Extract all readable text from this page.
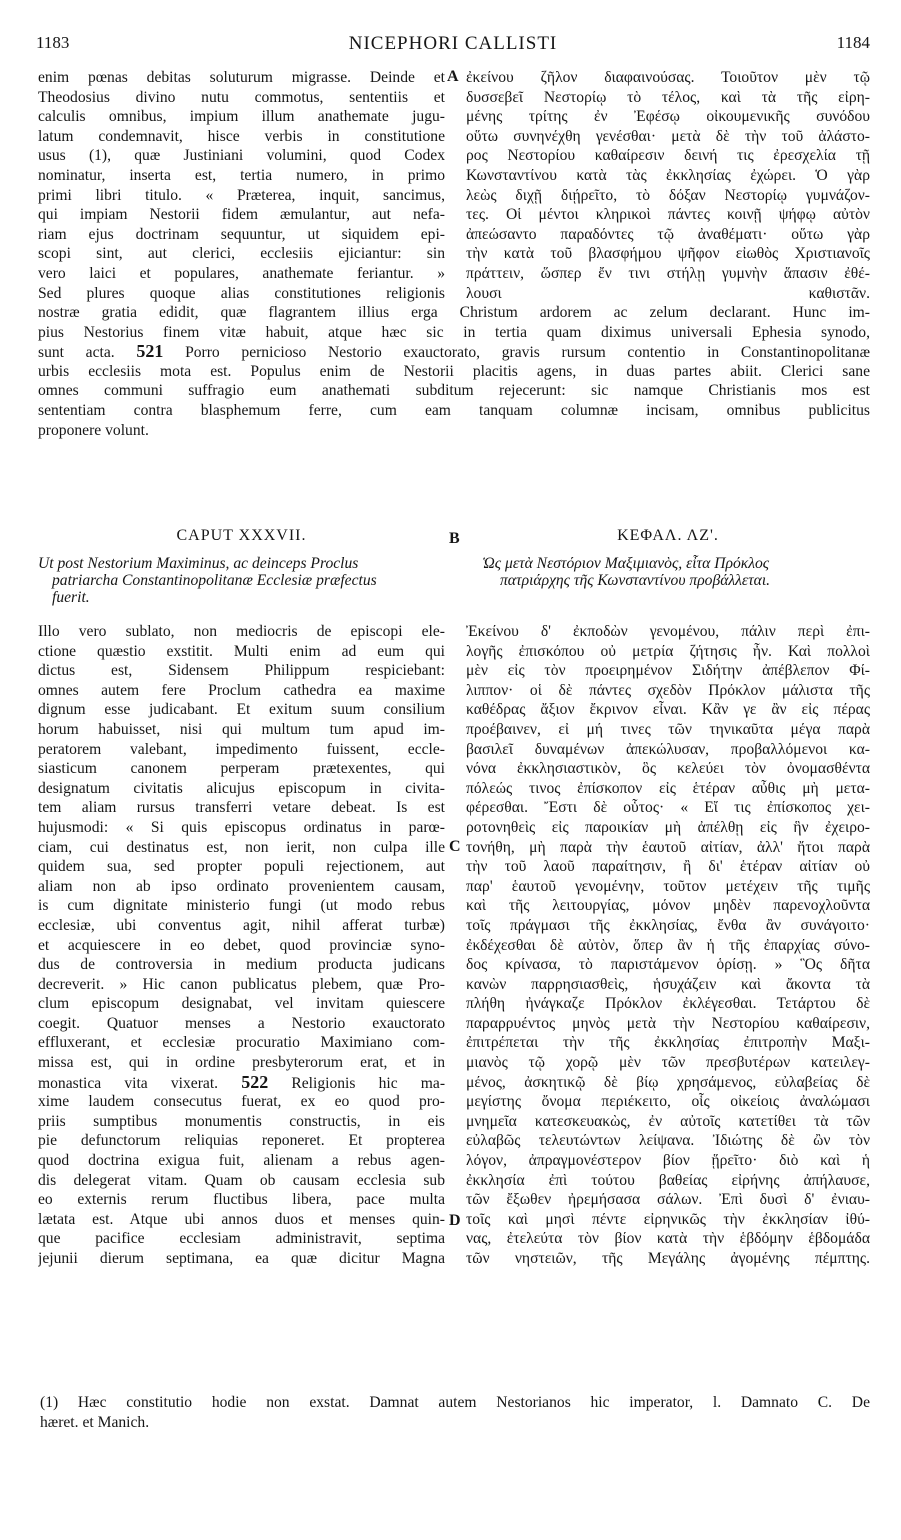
1183	NICEPHORI CALLISTI	1184
enim pœnas debitas soluturum migrasse. Deinde et
Theodosius divino nutu commotus, sententiis et
calculis omnibus, impium illum anathemate jugu-
latum condemnavit, hisce verbis in constitutione
usus (1), quæ Justiniani volumini, quod Codex
nominatur, inserta est, tertia numero, in primo
primi libri titulo. « Præterea, inquit, sancimus,
qui impiam Nestorii fidem æmulantur, aut nefa-
riam ejus doctrinam sequuntur, ut siquidem epi-
scopi sint, aut clerici, ecclesiis ejiciantur: sin
vero laici et populares, anathemate feriantur. »
Sed plures quoque alias constitutiones religionis
ἐκείνου ζῆλον διαφαινούσας. Τοιοῦτον μὲν τῷ
δυσσεβεῖ Νεστορίῳ τὸ τέλος, καὶ τὰ τῆς εἰρη-
μένης τρίτης ἐν Ἐφέσῳ οἰκουμενικῆς συνόδου
οὕτω συνηνέχθη γενέσθαι· μετὰ δὲ τὴν τοῦ ἀλάστο-
ρος Νεστορίου καθαίρεσιν δεινή τις ἐρεσχελία τῇ
Κωνσταντίνου κατὰ τὰς ἐκκλησίας ἐχώρει. Ὁ γὰρ
λεὼς διχῇ διῄρεῖτο, τὸ δόξαν Νεστορίῳ γυμνάζον-
τες. Οἱ μέντοι κληρικοὶ πάντες κοινῇ ψήφῳ αὐτὸν
ἀπεώσαντο παραδόντες τῷ ἀναθέματι· οὕτω γὰρ
τὴν κατὰ τοῦ βλασφήμου ψῆφον εἰωθὸς Χριστιανοῖς
πράττειν, ὥσπερ ἔν τινι στήλῃ γυμνὴν ἅπασιν ἐθέ-
λουσι καθιστᾶν.
A
nostræ gratia edidit, quæ flagrantem illius erga Christum ardorem ac zelum declarant. Hunc im-
pius Nestorius finem vitæ habuit, atque hæc sic in tertia quam diximus universali Ephesia synodo,
sunt acta. 521 Porro pernicioso Nestorio exauctorato, gravis rursum contentio in Constantinopolitanæ
urbis ecclesiis mota est. Populus enim de Nestorii placitis agens, in duas partes abiit. Clerici sane
omnes communi suffragio eum anathemati subditum rejecerunt: sic namque Christianis mos est
sententiam contra blasphemum ferre, cum eam tanquam columnæ incisam, omnibus publicitus
proponere volunt.
CAPUT XXXVII.	B	ΚΕΦΑΛ. ΛΖ'.
Ut post Nestorium Maximinus, ac deinceps Proclus
patriarcha Constantinopolitanæ Ecclesiæ præfectus
fuerit.
Ὡς μετὰ Νεστόριον Μαξιμιανὸς, εἶτα Πρόκλος
πατριάρχης τῆς Κωνσταντίνου προβάλλεται.
Illo vero sublato, non mediocris de episcopi ele-
ctione quæstio exstitit. Multi enim ad eum qui
dictus est, Sidensem Philippum respiciebant:
omnes autem fere Proclum cathedra ea maxime
dignum esse judicabant. Et exitum suum consilium
horum habuisset, nisi qui multum tum apud im-
peratorem valebant, impedimento fuissent, eccle-
siasticum canonem perperam prætexentes, qui
designatum civitatis alicujus episcopum in civita-
tem aliam rursus transferri vetare debeat. Is est
hujusmodi: « Si quis episcopus ordinatus in parœ-
ciam, cui destinatus est, non ierit, non culpa ille
quidem sua, sed propter populi rejectionem, aut
aliam non ab ipso ordinato provenientem causam,
is cum dignitate ministerio fungi (ut modo rebus
ecclesiæ, ubi conventus agit, nihil afferat turbæ)
et acquiescere in eo debet, quod provinciæ syno-
dus de controversia in medium producta judicans
decreverit. » Hic canon publicatus plebem, quæ Pro-
clum episcopum designabat, vel invitam quiescere
coegit. Quatuor menses a Nestorio exauctorato
effluxerant, et ecclesiæ procuratio Maximiano com-
missa est, qui in ordine presbyterorum erat, et in
monastica vita vixerat. 522 Religionis hic ma-
xime laudem consecutus fuerat, ex eo quod pro-
priis sumptibus monumentis constructis, in eis
pie defunctorum reliquias reponeret. Et propterea
quod doctrina exigua fuit, alienam a rebus agen-
dis delegerat vitam. Quam ob causam ecclesia sub
eo externis rerum fluctibus libera, pace multa
lætata est. Atque ubi annos duos et menses quin-
que pacifice ecclesiam administravit, septima
jejunii dierum septimana, ea quæ dicitur Magna
Ἐκείνου δ' ἐκποδὼν γενομένου, πάλιν περὶ ἐπι-
λογῆς ἐπισκόπου οὐ μετρία ζήτησις ἦν. Καὶ πολλοὶ
μὲν εἰς τὸν προειρημένον Σιδήτην ἀπέβλεπον Φί-
λιππον· οἱ δὲ πάντες σχεδὸν Πρόκλον μάλιστα τῆς
καθέδρας ἄξιον ἔκρινον εἶναι. Κἂν γε ἂν εἰς πέρας
προέβαινεν, εἰ μή τινες τῶν τηνικαῦτα μέγα παρὰ
βασιλεῖ δυναμένων ἀπεκώλυσαν, προβαλλόμενοι κα-
νόνα ἐκκλησιαστικὸν, ὃς κελεύει τὸν ὀνομασθέντα
πόλεώς τινος ἐπίσκοπον εἰς ἑτέραν αὖθις μὴ μετα-
φέρεσθαι. Ἔστι δὲ οὗτος· « Εἴ τις ἐπίσκοπος χει-
ροτονηθεὶς εἰς παροικίαν μὴ ἀπέλθῃ εἰς ἣν ἐχειρο-
τονήθη, μὴ παρὰ τὴν ἑαυτοῦ αἰτίαν, ἀλλ' ἤτοι παρὰ
τὴν τοῦ λαοῦ παραίτησιν, ἢ δι' ἑτέραν αἰτίαν οὐ
παρ' ἑαυτοῦ γενομένην, τοῦτον μετέχειν τῆς τιμῆς
καὶ τῆς λειτουργίας, μόνον μηδὲν παρενοχλοῦντα
τοῖς πράγμασι τῆς ἐκκλησίας, ἔνθα ἂν συνάγοιτο·
ἐκδέχεσθαι δὲ αὐτὸν, ὅπερ ἂν ἡ τῆς ἐπαρχίας σύνο-
δος κρίνασα, τὸ παριστάμενον ὁρίσῃ. » Ὃς δῆτα
κανὼν παρρησιασθεὶς, ἡσυχάζειν καὶ ἄκοντα τὰ
πλήθη ἠνάγκαζε Πρόκλον ἐκλέγεσθαι. Τετάρτου δὲ
παραρρυέντος μηνὸς μετὰ τὴν Νεστορίου καθαίρεσιν,
ἐπιτρέπεται τὴν τῆς ἐκκλησίας ἐπιτροπὴν Μαξι-
μιανὸς τῷ χορῷ μὲν τῶν πρεσβυτέρων κατειλεγ-
μένος, ἀσκητικῷ δὲ βίῳ χρησάμενος, εὐλαβείας δὲ
μεγίστης ὄνομα περιέκειτο, οἷς οἰκείοις ἀναλώμασι
μνημεῖα κατεσκευακὼς, ἐν αὐτοῖς κατετίθει τὰ τῶν
εὐλαβῶς τελευτώντων λείψανα. Ἰδιώτης δὲ ὢν τὸν
λόγον, ἀπραγμονέστερον βίον ᾕρεῖτο· διὸ καὶ ἡ
ἐκκλησία ἐπὶ τούτου βαθείας εἰρήνης ἀπήλαυσε,
τῶν ἔξωθεν ἠρεμήσασα σάλων. Ἐπὶ δυσὶ δ' ἐνιαυ-
τοῖς καὶ μησὶ πέντε εἰρηνικῶς τὴν ἐκκλησίαν ἰθύ-
νας, ἐτελεύτα τὸν βίον κατὰ τὴν ἑβδόμην ἑβδομάδα
τῶν νηστειῶν, τῆς Μεγάλης ἀγομένης πέμπτης.
C
D
(1) Hæc constitutio hodie non exstat. Damnat autem Nestorianos hic imperator, l. Damnato C. De
hæret. et Manich.
